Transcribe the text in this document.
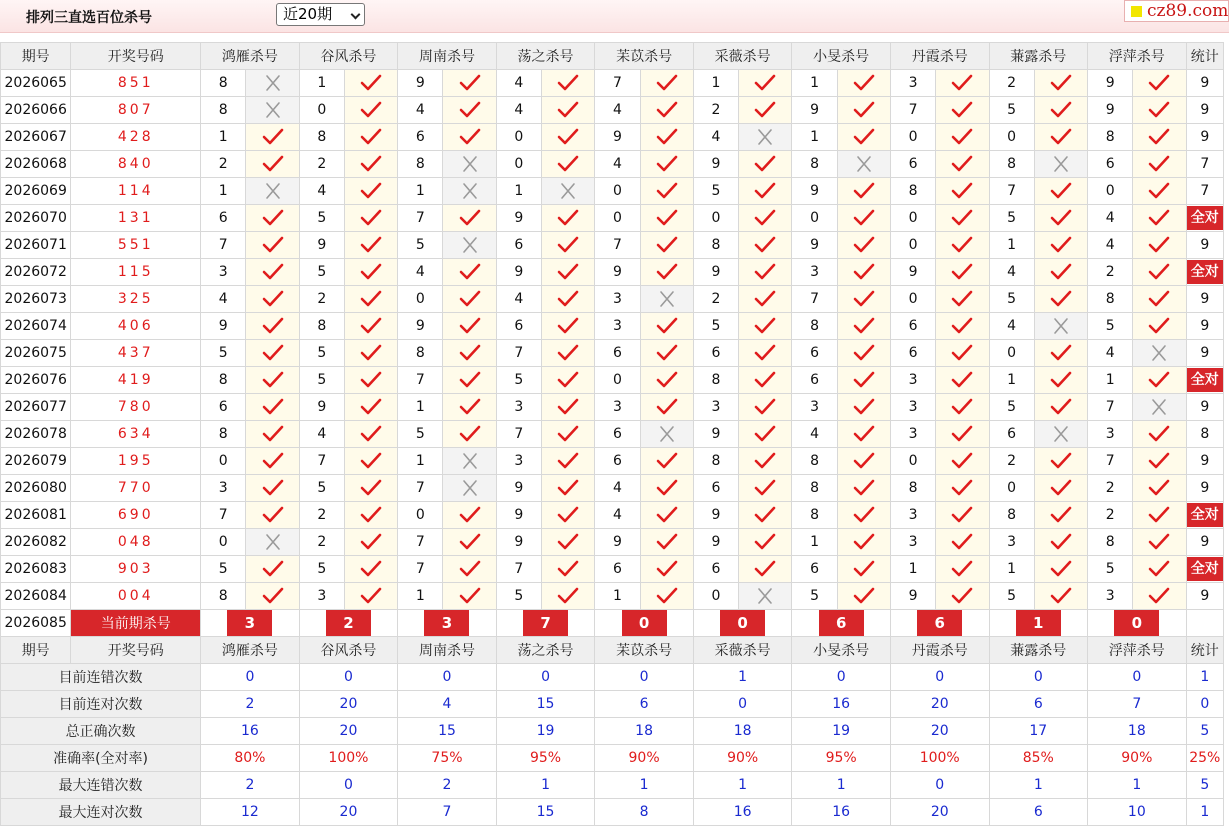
排列三直选百位杀号	近20期	cz89.com
期号	开奖号码	鸿雁杀号		谷风杀号		周南杀号		荡之杀号		苿苡杀号		采薇杀号		小旻杀号		丹霞杀号		蒹露杀号		浮萍杀号		统计
2026065	851	8		1		9		4		7		1		1		3		2		9		9
2026066	807	8		0		4		4		4		2		9		7		5		9		9
2026067	428	1		8		6		0		9		4		1		0		0		8		9
2026068	840	2		2		8		0		4		9		8		6		8		6		7
2026069	114	1		4		1		1		0		5		9		8		7		0		7
2026070	131	6		5		7		9		0		0		0		0		5		4		全对

2026071	551	7		9		5		6		7		8		9		0		1		4		9
2026072	115	3		5		4		9		9		9		3		9		4		2		全对

2026073	325	4		2		0		4		3		2		7		0		5		8		9
2026074	406	9		8		9		6		3		5		8		6		4		5		9
2026075	437	5		5		8		7		6		6		6		6		0		4		9
2026076	419	8		5		7		5		0		8		6		3		1		1		全对

2026077	780	6		9		1		3		3		3		3		3		5		7		9
2026078	634	8		4		5		7		6		9		4		3		6		3		8
2026079	195	0		7		1		3		6		8		8		0		2		7		9
2026080	770	3		5		7		9		4		6		8		8		0		2		9
2026081	690	7		2		0		9		4		9		8		3		8		2		全对

2026082	048	0		2		7		9		9		9		1		3		3		8		9
2026083	903	5		5		7		7		6		6		6		1		1		5		全对

2026084	004	8		3		1		5		1		0		5		9		5		3		9
2026085	当前期杀号	3		2		3		7		0		0		6		6		1		0		
期号	开奖号码	鸿雁杀号		谷风杀号		周南杀号		荡之杀号		苿苡杀号		采薇杀号		小旻杀号		丹霞杀号		蒹露杀号		浮萍杀号		统计
目前连错次数		0		0		0		0		0		1		0		0		0		0		1
目前连对次数		2		20		4		15		6		0		16		20		6		7		0
总正确次数		16		20		15		19		18		18		19		20		17		18		5
准确率(全对率)		80%		100%		75%		95%		90%		90%		95%		100%		85%		90%		25%
最大连错次数		2		0		2		1		1		1		1		0		1		1		5
最大连对次数		12		20		7		15		8		16		16		20		6		10		1
